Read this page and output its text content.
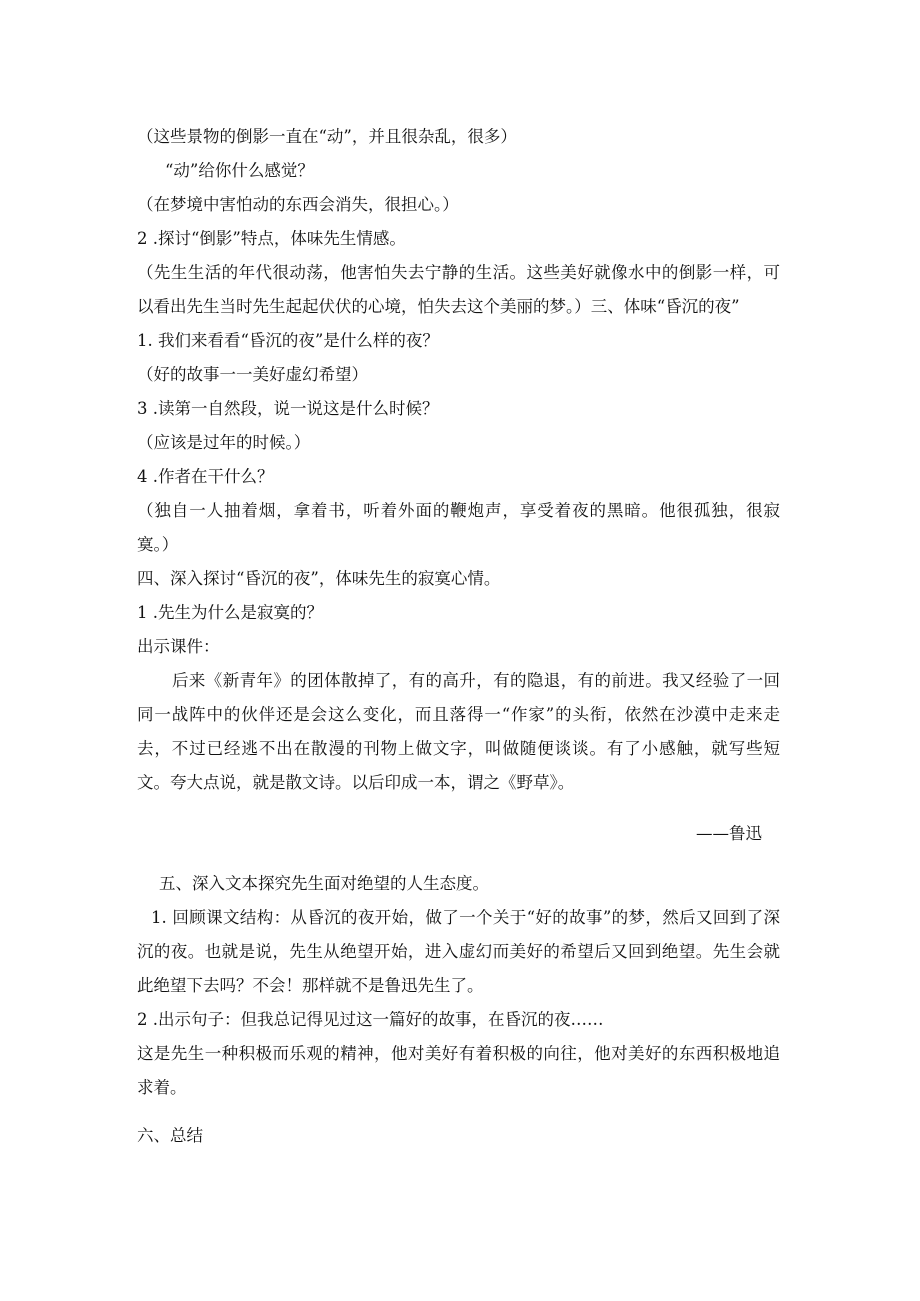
（这些景物的倒影一直在“动”，并且很杂乱，很多）

“动”给你什么感觉？

（在梦境中害怕动的东西会消失，很担心。）

2 .探讨“倒影”特点，体味先生情感。

（先生生活的年代很动荡，他害怕失去宁静的生活。这些美好就像水中的倒影一样，可以看出先生当时先生起起伏伏的心境，怕失去这个美丽的梦。）三、体味“昏沉的夜”

1. 我们来看看“昏沉的夜”是什么样的夜？

（好的故事一一美好虚幻希望）

3 .读第一自然段，说一说这是什么时候？

（应该是过年的时候。）

4 .作者在干什么？

（独自一人抽着烟，拿着书，听着外面的鞭炮声，享受着夜的黑暗。他很孤独，很寂寞。）

四、深入探讨“昏沉的夜”，体味先生的寂寞心情。

1 .先生为什么是寂寞的？

出示课件：

后来《新青年》的团体散掉了，有的高升，有的隐退，有的前进。我又经验了一回同一战阵中的伙伴还是会这么变化，而且落得一“作家”的头衔，依然在沙漠中走来走去，不过已经逃不出在散漫的刊物上做文字，叫做随便谈谈。有了小感触，就写些短文。夸大点说，就是散文诗。以后印成一本，谓之《野草》。

——鲁迅

五、深入文本探究先生面对绝望的人生态度。

1. 回顾课文结构：从昏沉的夜开始，做了一个关于“好的故事”的梦，然后又回到了深沉的夜。也就是说，先生从绝望开始，进入虚幻而美好的希望后又回到绝望。先生会就此绝望下去吗？不会！那样就不是鲁迅先生了。

2 .出示句子：但我总记得见过这一篇好的故事，在昏沉的夜……

这是先生一种积极而乐观的精神，他对美好有着积极的向往，他对美好的东西积极地追求着。

六、总结
